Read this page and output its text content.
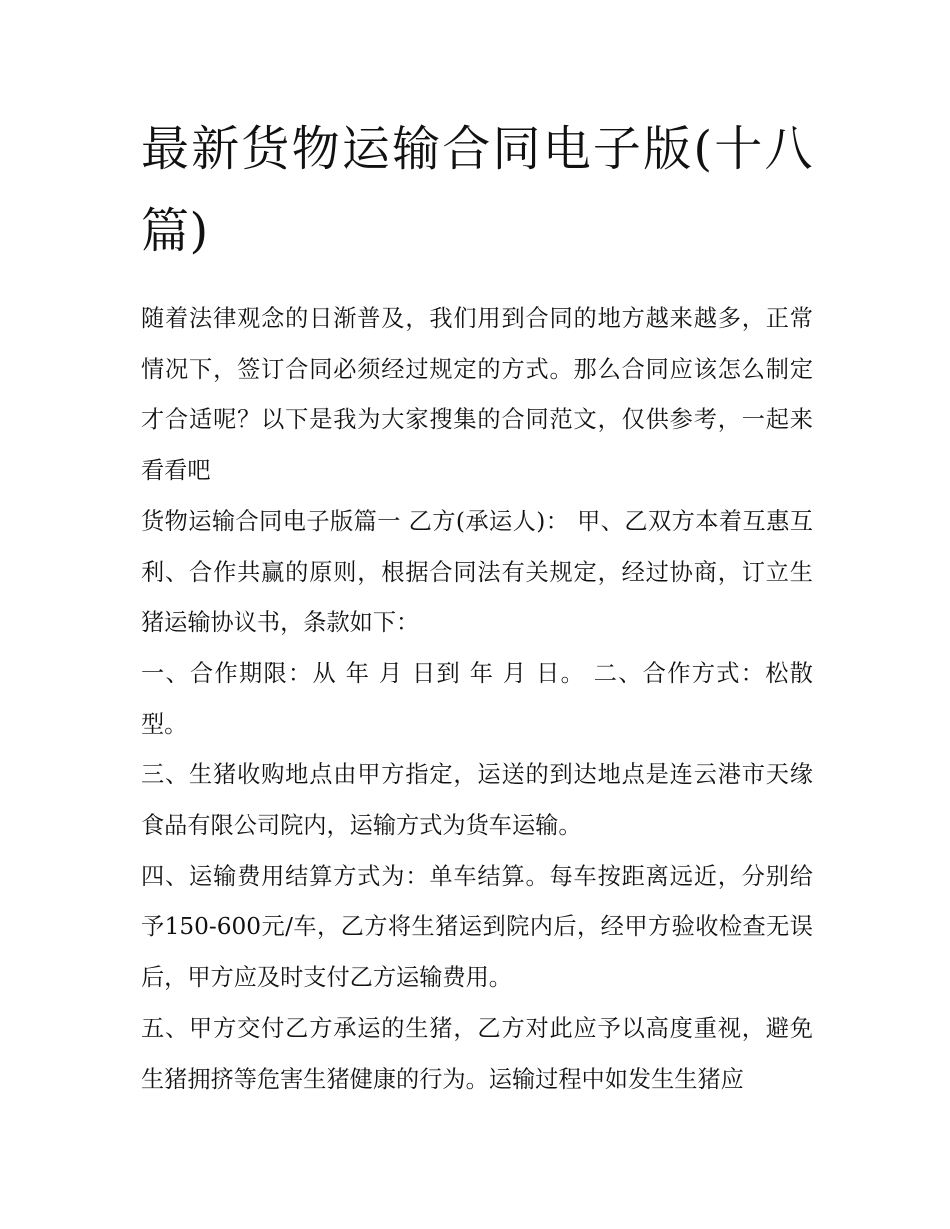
最新货物运输合同电子版(十八篇)

随着法律观念的日渐普及，我们用到合同的地方越来越多，正常情况下，签订合同必须经过规定的方式。那么合同应该怎么制定才合适呢？以下是我为大家搜集的合同范文，仅供参考，一起来看看吧

货物运输合同电子版篇一 乙方(承运人)： 甲、乙双方本着互惠互利、合作共赢的原则，根据合同法有关规定，经过协商，订立生猪运输协议书，条款如下：

一、合作期限：从 年 月 日到 年 月 日。 二、合作方式：松散型。

三、生猪收购地点由甲方指定，运送的到达地点是连云港市天缘食品有限公司院内，运输方式为货车运输。

四、运输费用结算方式为：单车结算。每车按距离远近，分别给予150-600元/车，乙方将生猪运到院内后，经甲方验收检查无误后，甲方应及时支付乙方运输费用。

五、甲方交付乙方承运的生猪，乙方对此应予以高度重视，避免生猪拥挤等危害生猪健康的行为。运输过程中如发生生猪应
